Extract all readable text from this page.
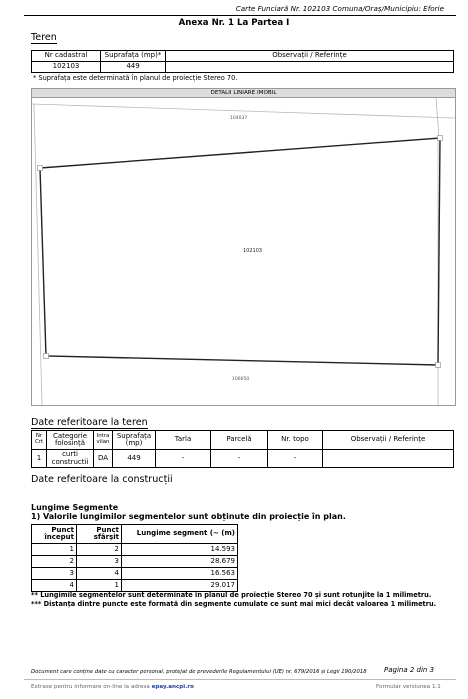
Carte Funciară Nr. 102103 Comuna/Oraș/Municipiu: Eforie
Anexa Nr. 1 La Partea I
Teren
Nr cadastral	Suprafața (mp)*	Observații / Referințe
102103	449	
* Suprafața este determinată în planul de proiecție Stereo 70.
DETALII LINIARE IMOBIL
104037
102103
106050
Date referitoare la teren
Nr Crt	Categorie folosință	Intra vilan	Suprafața (mp)	Tarla	Parcelă	Nr. topo	Observații / Referințe
1	curti constructii	DA	449	-	-	-	
Date referitoare la construcții
Lungime Segmente
1) Valorile lungimilor segmentelor sunt obținute din proiecție în plan.
Punct început	Punct sfârșit	Lungime segment (~ (m)
1	2	14.593
2	3	28.679
3	4	16.563
4	1	29.017
** Lungimile segmentelor sunt determinate în planul de proiecție Stereo 70 și sunt rotunjite la 1 milimetru.
*** Distanța dintre puncte este formată din segmente cumulate ce sunt mai mici decât valoarea 1 milimetru.
Document care conține date cu caracter personal, protejat de prevederile Regulamentului (UE) nr. 679/2016 și Legii 190/2018 Pagina 2 din 3
Extrase pentru informare on-line la adresa epay.ancpi.ro	Formular versiunea 1.1
